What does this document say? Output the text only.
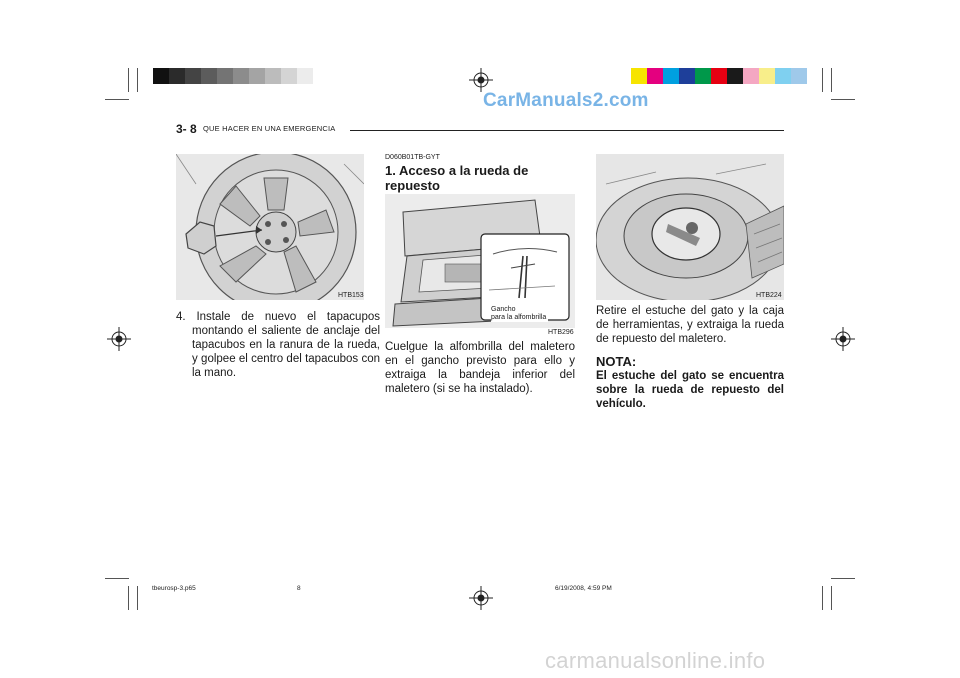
CarManuals2.com
3- 8 QUE HACER EN UNA EMERGENCIA
HTB153
4. Instale de nuevo el tapacupos montando el saliente de anclaje del tapacubos en la ranura de la rueda, y golpee el centro del tapacubos con la mano.
D060B01TB-GYT
1. Acceso a la rueda de repuesto
Gancho
para la alfombrilla
HTB296
Cuelgue la alfombrilla del maletero en el gancho previsto para ello y extraiga la bandeja inferior del maletero (si se ha instalado).
HTB224
Retire el estuche del gato y la caja de herramientas, y extraiga la rueda de repuesto del maletero.
NOTA:
El estuche del gato se encuentra sobre la rueda de repuesto del vehículo.
tbeurosp-3.p65	8	6/19/2008, 4:59 PM
carmanualsonline.info
